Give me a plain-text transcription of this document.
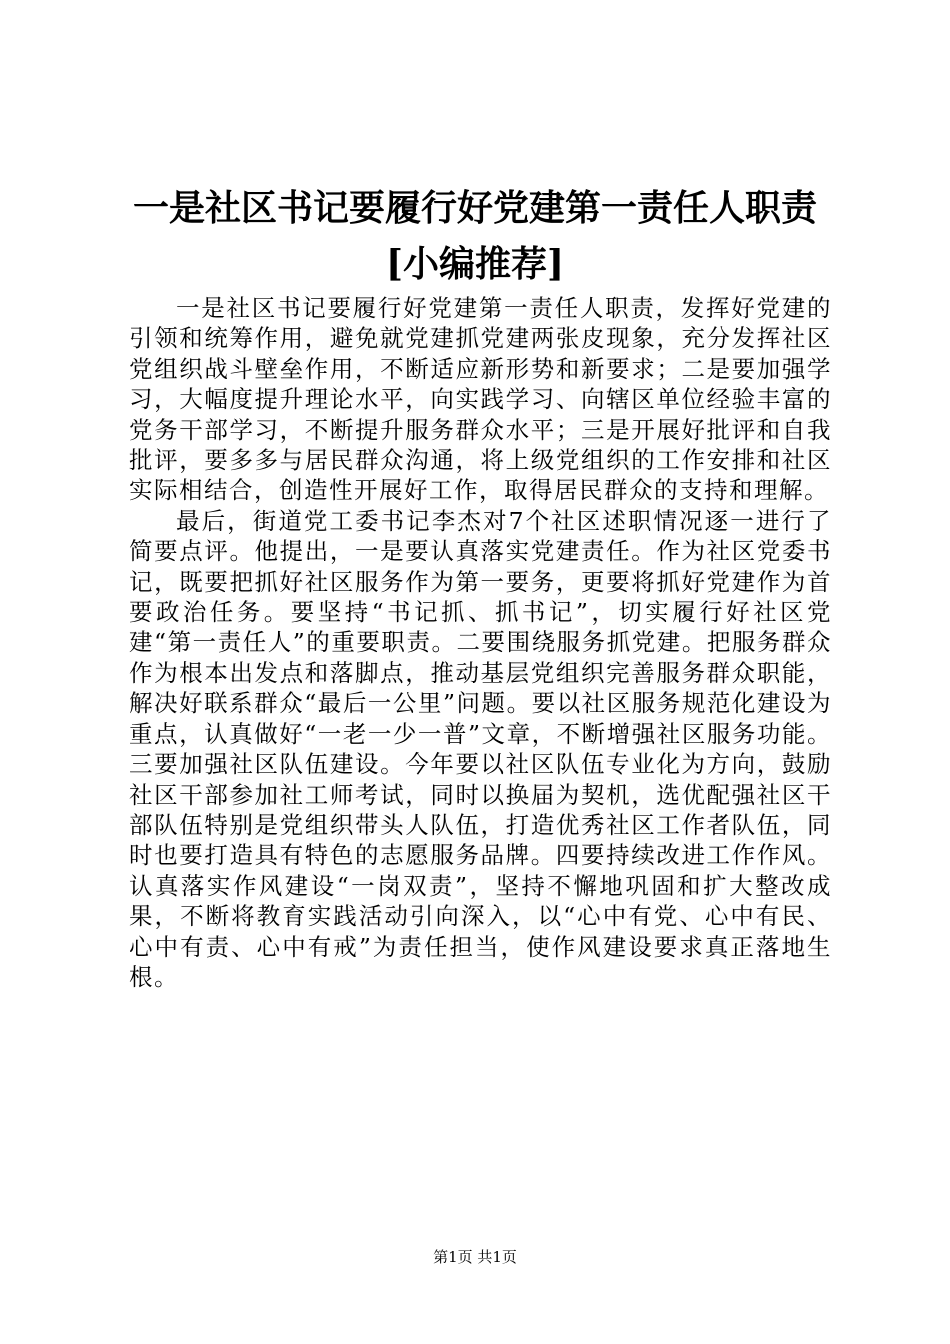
一是社区书记要履行好党建第一责任人职责
[小编推荐]

一是社区书记要履行好党建第一责任人职责，发挥好党建的引领和统筹作用，避免就党建抓党建两张皮现象，充分发挥社区党组织战斗壁垒作用，不断适应新形势和新要求；二是要加强学习，大幅度提升理论水平，向实践学习、向辖区单位经验丰富的党务干部学习，不断提升服务群众水平；三是开展好批评和自我批评，要多多与居民群众沟通，将上级党组织的工作安排和社区实际相结合，创造性开展好工作，取得居民群众的支持和理解。

最后，街道党工委书记李杰对7个社区述职情况逐一进行了简要点评。他提出，一是要认真落实党建责任。作为社区党委书记，既要把抓好社区服务作为第一要务，更要将抓好党建作为首要政治任务。要坚持“书记抓、抓书记”，切实履行好社区党建“第一责任人”的重要职责。二要围绕服务抓党建。把服务群众作为根本出发点和落脚点，推动基层党组织完善服务群众职能，解决好联系群众“最后一公里”问题。要以社区服务规范化建设为重点，认真做好“一老一少一普”文章，不断增强社区服务功能。三要加强社区队伍建设。今年要以社区队伍专业化为方向，鼓励社区干部参加社工师考试，同时以换届为契机，选优配强社区干部队伍特别是党组织带头人队伍，打造优秀社区工作者队伍，同时也要打造具有特色的志愿服务品牌。四要持续改进工作作风。认真落实作风建设“一岗双责”，坚持不懈地巩固和扩大整改成果，不断将教育实践活动引向深入，以“心中有党、心中有民、心中有责、心中有戒”为责任担当，使作风建设要求真正落地生根。

第1页 共1页
